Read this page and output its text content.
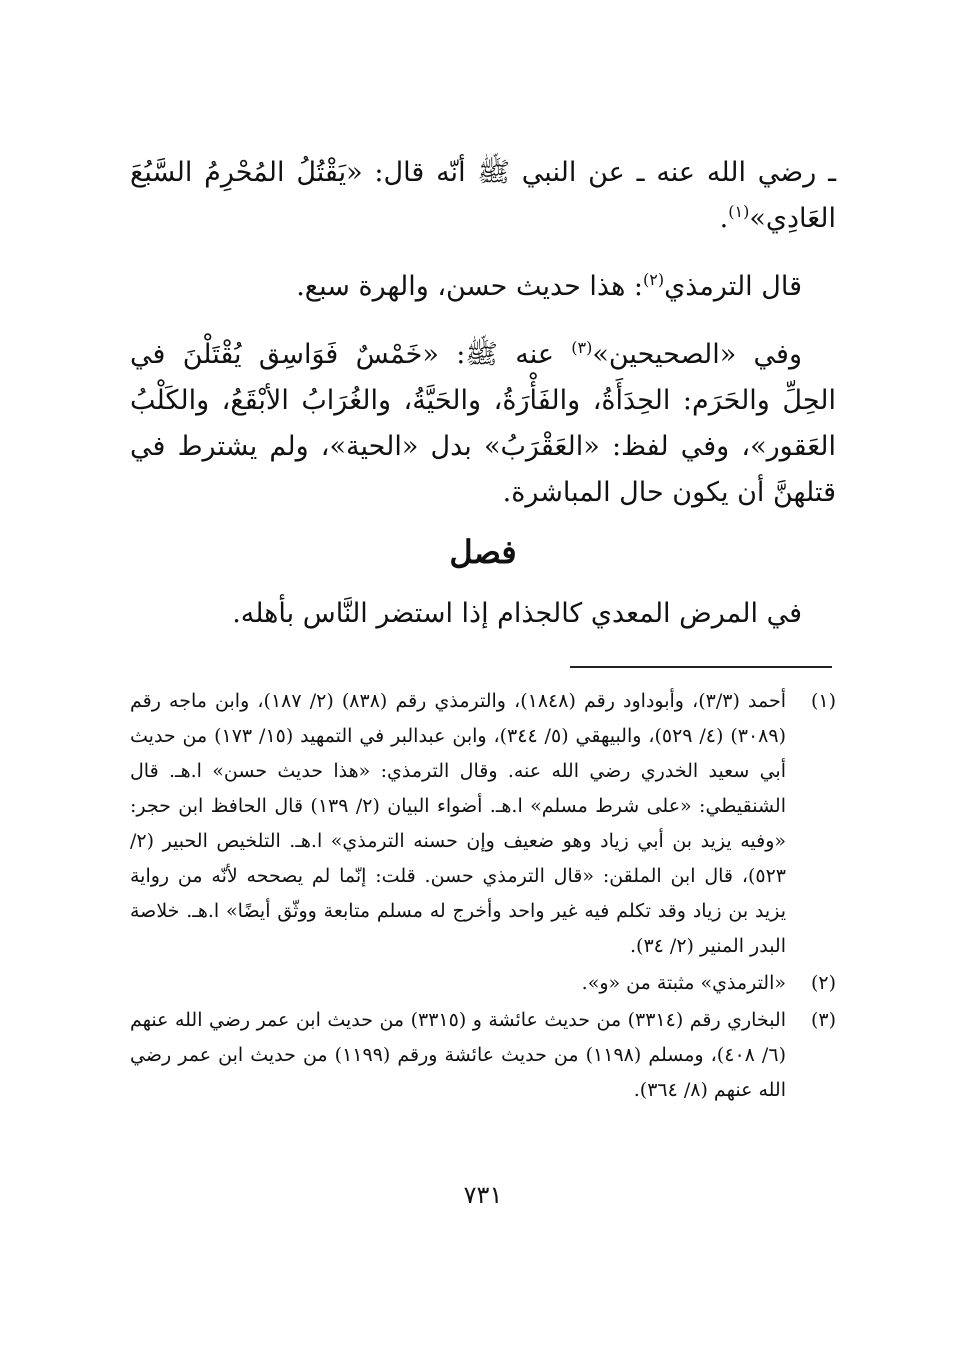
ـ رضي الله عنه ـ عن النبي ﷺ أنّه قال: «يَقْتُلُ المُحْرِمُ السَّبُعَ العَادِي»$^{(١)}$.

قال الترمذي$^{(٢)}$: هذا حديث حسن، والهرة سبع.

وفي «الصحيحين»$^{(٣)}$ عنه ﷺ: «خَمْسٌ فَوَاسِق يُقْتَلْنَ في الحِلِّ والحَرَم: الحِدَأَةُ، والفَأْرَةُ، والحَيَّةُ، والغُرَابُ الأبْقَعُ، والكَلْبُ العَقور»، وفي لفظ: «العَقْرَبُ» بدل «الحية»، ولم يشترط في قتلهنَّ أن يكون حال المباشرة.

فصل
في المرض المعدي كالجذام إذا استضر النَّاس بأهله.
(١)
أحمد (٣/٣)، وأبوداود رقم (١٨٤٨)، والترمذي رقم (٨٣٨) (٢/ ١٨٧)، وابن ماجه رقم (٣٠٨٩) (٤/ ٥٢٩)، والبيهقي (٥/ ٣٤٤)، وابن عبدالبر في التمهيد (١٥/ ١٧٣) من حديث أبي سعيد الخدري رضي الله عنه. وقال الترمذي: «هذا حديث حسن» ا.هـ. قال الشنقيطي: «على شرط مسلم» ا.هـ. أضواء البيان (٢/ ١٣٩) قال الحافظ ابن حجر: «وفيه يزيد بن أبي زياد وهو ضعيف وإن حسنه الترمذي» ا.هـ. التلخيص الحبير (٢/ ٥٢٣)، قال ابن الملقن: «قال الترمذي حسن. قلت: إنّما لم يصححه لأنّه من رواية يزيد بن زياد وقد تكلم فيه غير واحد وأخرج له مسلم متابعة ووثّق أيضًا» ا.هـ. خلاصة البدر المنير (٢/ ٣٤).
(٢)
«الترمذي» مثبتة من «و».
(٣)
البخاري رقم (٣٣١٤) من حديث عائشة و (٣٣١٥) من حديث ابن عمر رضي الله عنهم (٦/ ٤٠٨)، ومسلم (١١٩٨) من حديث عائشة ورقم (١١٩٩) من حديث ابن عمر رضي الله عنهم (٨/ ٣٦٤).
٧٣١
